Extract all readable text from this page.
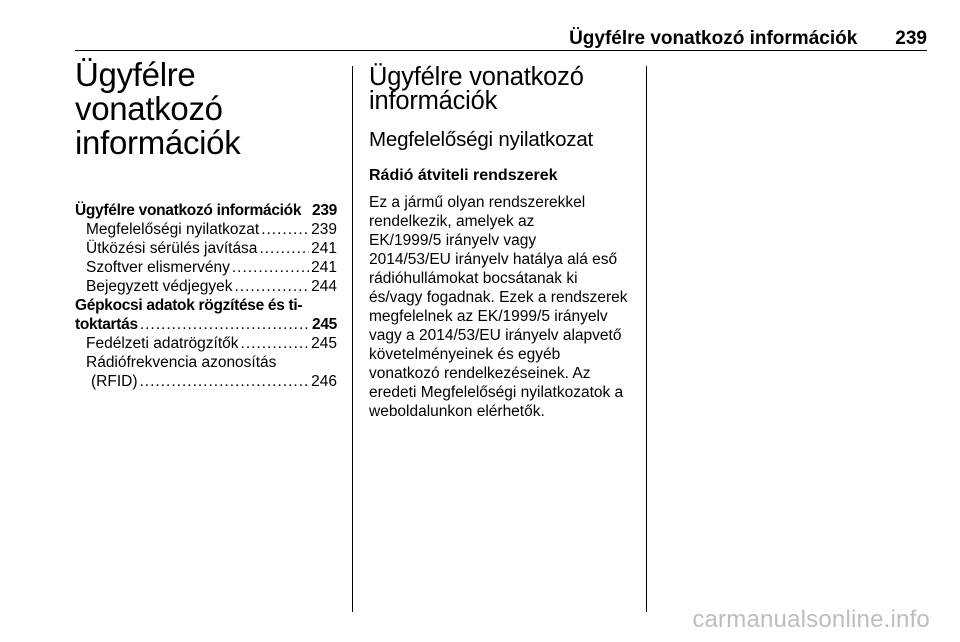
Ügyfélre vonatkozó információk 239
Ügyfélre vonatkozó
információk
Ügyfélre vonatkozó információk 239
Megfelelőségi nyilatkozat .....	239
Ütközési sérülés javítása .....	241
Szoftver elismervény .....	241
Bejegyzett védjegyek .....	244
Gépkocsi adatok rögzítése és ti-
toktartás .....	245
Fedélzeti adatrögzítők .....	245
Rádiófrekvencia azonosítás
(RFID) .....	246
Ügyfélre vonatkozó
információk
Megfelelőségi nyilatkozat
Rádió átviteli rendszerek

Ez a jármű olyan rendszerekkel
rendelkezik, amelyek az
EK/1999/5 irányelv vagy
2014/53/EU irányelv hatálya alá eső
rádióhullámokat bocsátanak ki
és/vagy fogadnak. Ezek a rendszerek
megfelelnek az EK/1999/5 irányelv
vagy a 2014/53/EU irányelv alapvető
követelményeinek és egyéb
vonatkozó rendelkezéseinek. Az
eredeti Megfelelőségi nyilatkozatok a
weboldalunkon elérhetők.

carmanualsonline.info
